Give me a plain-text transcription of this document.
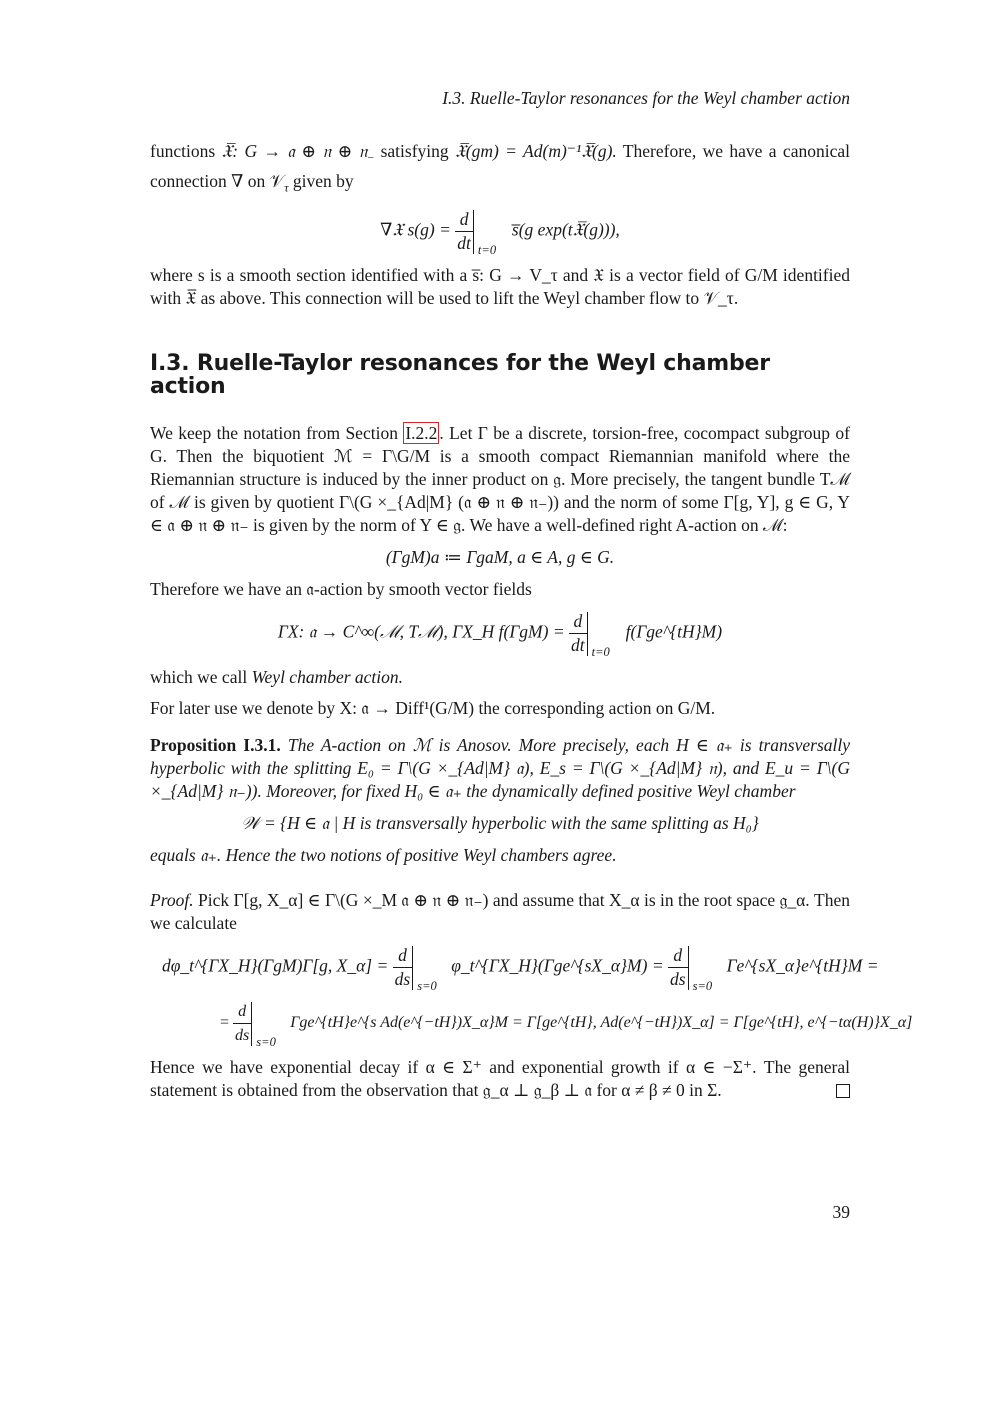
I.3. Ruelle-Taylor resonances for the Weyl chamber action

functions 𝔛̅: G → 𝔞 ⊕ 𝔫 ⊕ 𝔫$_-$ satisfying 𝔛̅(gm) = Ad(m)⁻¹𝔛̅(g). Therefore, we have a canonical connection ∇ on 𝒱$_\tau$ given by

∇𝔛 $s(g) = \frac{d}{dt} t=0$
s̅(g exp(t𝔛̅(g))),

where s is a smooth section identified with a s̅: G → V_τ and 𝔛 is a vector field of G/M identified with 𝔛̅ as above. This connection will be used to lift the Weyl chamber flow to 𝒱_τ.

I.3. Ruelle-Taylor resonances for the Weyl chamber action

We keep the notation from Section I.2.2 . Let Γ be a discrete, torsion-free, cocompact subgroup of G. Then the biquotient ℳ = Γ\G/M is a smooth compact Riemannian manifold where the Riemannian structure is induced by the inner product on 𝔤. More precisely, the tangent bundle Tℳ of ℳ is given by quotient Γ\(G ×_{Ad|M} (𝔞 ⊕ 𝔫 ⊕ 𝔫₋)) and the norm of some Γ[g, Y], g ∈ G, Y ∈ 𝔞 ⊕ 𝔫 ⊕ 𝔫₋ is given by the norm of Y ∈ 𝔤. We have a well-defined right A-action on ℳ:

(ΓgM)a ≔ ΓgaM, a ∈ A, g ∈ G.

Therefore we have an 𝔞-action by smooth vector fields

ΓX: 𝔞 → C^∞(ℳ, Tℳ), ΓX_H $f(\Gamma gM) = \frac{d}{dt} t=0$
f(Γge^{tH}M)

which we call Weyl chamber action.

For later use we denote by X: 𝔞 → Diff¹(G/M) the corresponding action on G/M.

Proposition I.3.1. The A-action on ℳ is Anosov. More precisely, each H ∈ 𝔞₊ is transversally hyperbolic with the splitting E₀ = Γ\(G ×_{Ad|M} 𝔞), E_s = Γ\(G ×_{Ad|M} 𝔫), and E_u = Γ\(G ×_{Ad|M} 𝔫₋)). Moreover, for fixed H₀ ∈ 𝔞₊ the dynamically defined positive Weyl chamber

𝒲 = {H ∈ 𝔞 | H is transversally hyperbolic with the same splitting as H₀}

equals 𝔞₊. Hence the two notions of positive Weyl chambers agree.

Proof. Pick Γ[g, X_α] ∈ Γ\(G ×_M 𝔞 ⊕ 𝔫 ⊕ 𝔫₋) and assume that X_α is in the root space 𝔤_α. Then we calculate

dφ_t^{ΓX_H}(ΓgM)Γ[g, X_α] = $\frac{d}{ds} s=0$
φ_t^{ΓX_H}(Γge^{sX_α}M) = $\frac{d}{ds} s=0$
Γe^{sX_α}e^{tH}M =
= $\frac{d}{ds} s=0$
Γge^{tH}e^{s Ad(e^{−tH})X_α}M = Γ[ge^{tH}, Ad(e^{−tH})X_α] = Γ[ge^{tH}, e^{−tα(H)}X_α]

Hence we have exponential decay if α ∈ Σ⁺ and exponential growth if α ∈ −Σ⁺. The general statement is obtained from the observation that 𝔤_α ⊥ 𝔤_β ⊥ 𝔞 for α ≠ β ≠ 0 in Σ.

39
